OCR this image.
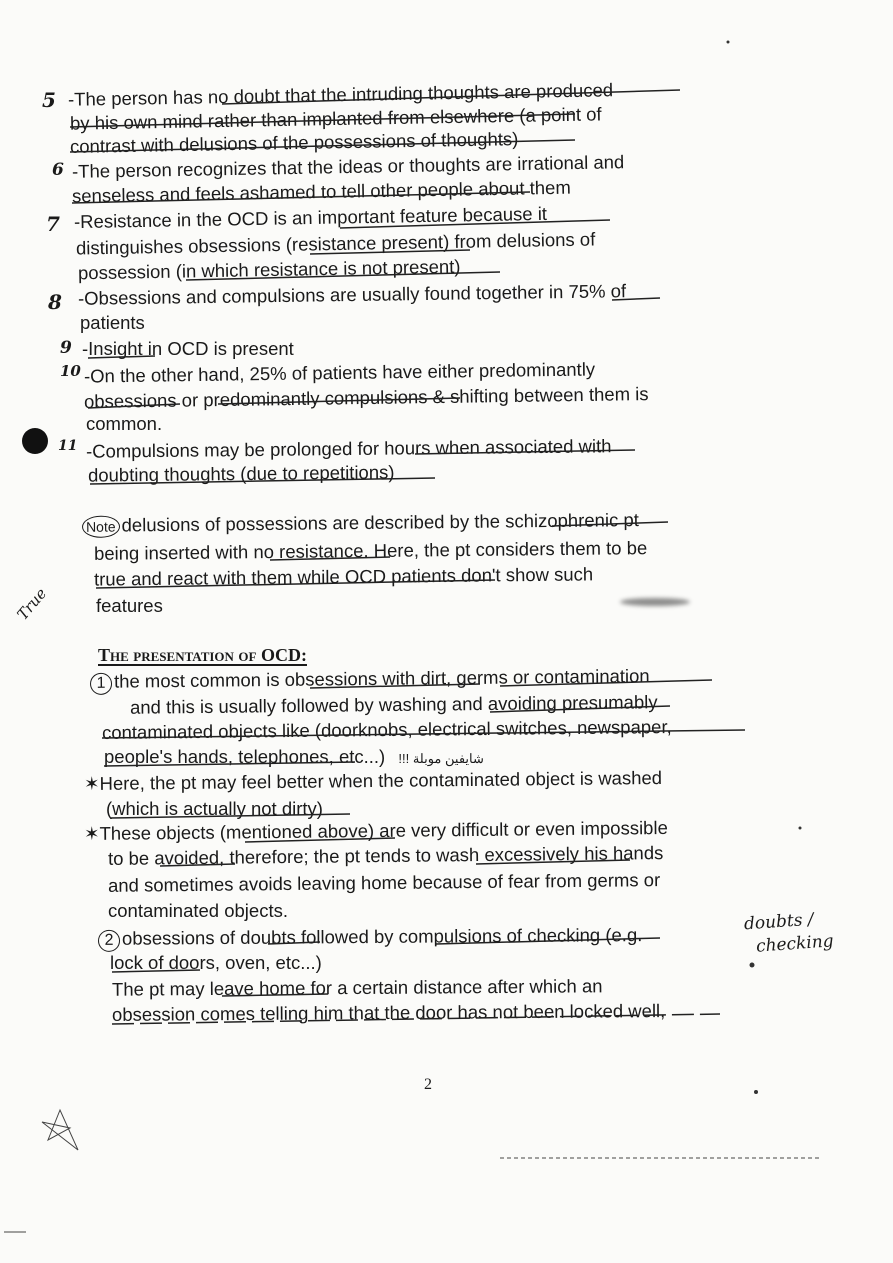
5
6
7
8
9
10
11
-The person has no doubt that the intruding thoughts are produced
by his own mind rather than implanted from elsewhere (a point of
contrast with delusions of the possessions of thoughts)
-The person recognizes that the ideas or thoughts are irrational and
senseless and feels ashamed to tell other people about them
-Resistance in the OCD is an important feature because it
distinguishes obsessions (resistance present) from delusions of
possession (in which resistance is not present)
-Obsessions and compulsions are usually found together in 75% of
patients
-Insight in OCD is present
-On the other hand, 25% of patients have either predominantly
obsessions or predominantly compulsions & shifting between them is
common.
-Compulsions may be prolonged for hours when associated with
doubting thoughts (due to repetitions)
Note delusions of possessions are described by the schizophrenic pt
being inserted with no resistance. Here, the pt considers them to be
true and react with them while OCD patients don't show such
features
True
The presentation of OCD:
1 the most common is obsessions with dirt, germs or contamination
and this is usually followed by washing and avoiding presumably
contaminated objects like (doorknobs, electrical switches, newspaper,
people's hands, telephones, etc...) !!! شايفين موبلة
✶Here, the pt may feel better when the contaminated object is washed
(which is actually not dirty)
✶These objects (mentioned above) are very difficult or even impossible
to be avoided, therefore; the pt tends to wash excessively his hands
and sometimes avoids leaving home because of fear from germs or
contaminated objects.
2 obsessions of doubts followed by compulsions of checking (e.g.
lock of doors, oven, etc...)
The pt may leave home for a certain distance after which an
obsession comes telling him that the door has not been locked well,
doubts /
checking
2
